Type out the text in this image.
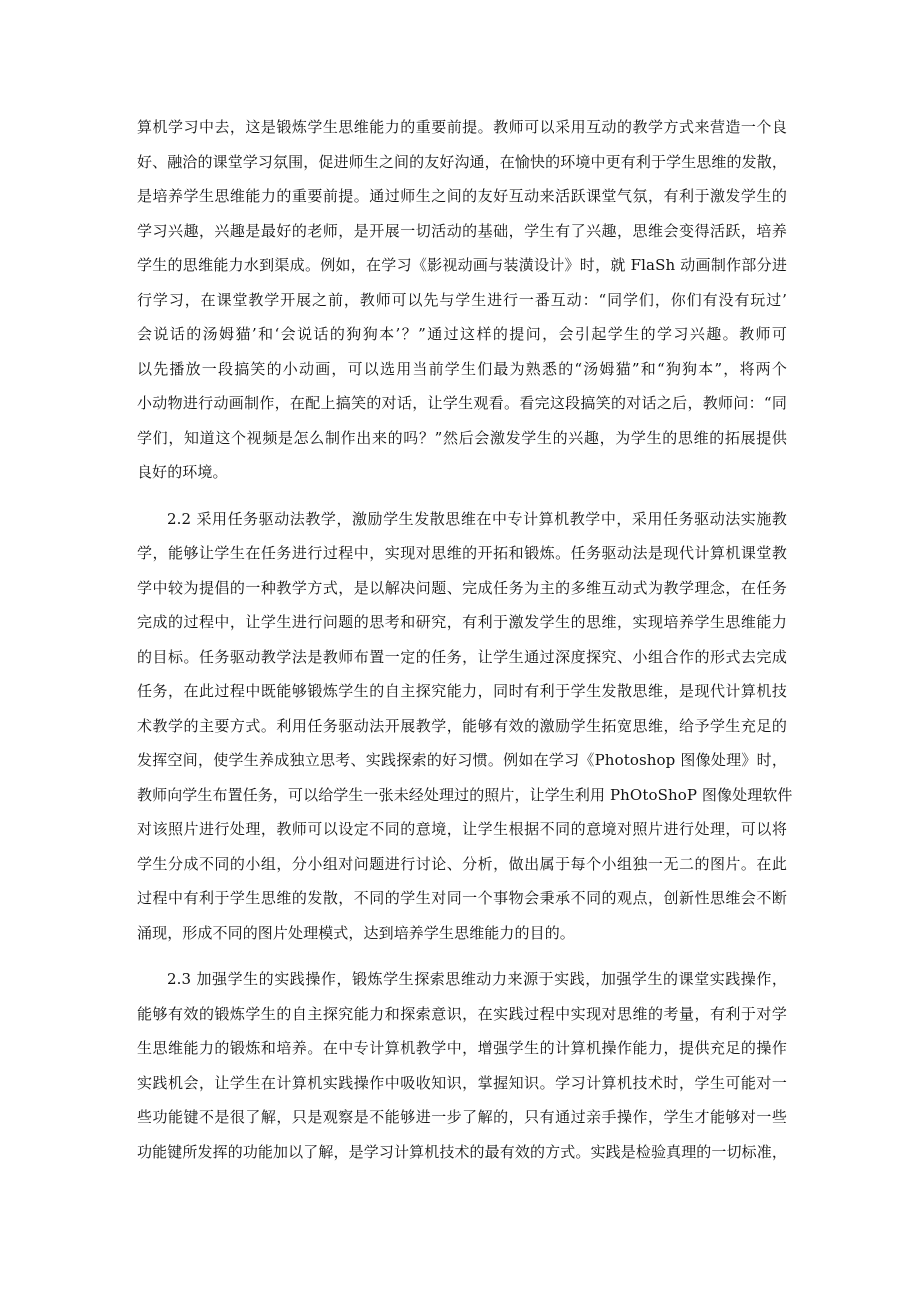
算机学习中去，这是锻炼学生思维能力的重要前提。教师可以采用互动的教学方式来营造一个良
好、融洽的课堂学习氛围，促进师生之间的友好沟通，在愉快的环境中更有利于学生思维的发散，
是培养学生思维能力的重要前提。通过师生之间的友好互动来活跃课堂气氛，有利于激发学生的
学习兴趣，兴趣是最好的老师，是开展一切活动的基础，学生有了兴趣，思维会变得活跃，培养
学生的思维能力水到渠成。例如，在学习《影视动画与装潢设计》时，就 FlaSh 动画制作部分进
行学习，在课堂教学开展之前，教师可以先与学生进行一番互动：“同学们，你们有没有玩过’
会说话的汤姆猫’和‘会说话的狗狗本’？”通过这样的提问，会引起学生的学习兴趣。教师可
以先播放一段搞笑的小动画，可以选用当前学生们最为熟悉的“汤姆猫”和“狗狗本”，将两个
小动物进行动画制作，在配上搞笑的对话，让学生观看。看完这段搞笑的对话之后，教师问：“同
学们，知道这个视频是怎么制作出来的吗？”然后会激发学生的兴趣，为学生的思维的拓展提供
良好的环境。
2.2 采用任务驱动法教学，激励学生发散思维在中专计算机教学中，采用任务驱动法实施教
学，能够让学生在任务进行过程中，实现对思维的开拓和锻炼。任务驱动法是现代计算机课堂教
学中较为提倡的一种教学方式，是以解决问题、完成任务为主的多维互动式为教学理念，在任务
完成的过程中，让学生进行问题的思考和研究，有利于激发学生的思维，实现培养学生思维能力
的目标。任务驱动教学法是教师布置一定的任务，让学生通过深度探究、小组合作的形式去完成
任务，在此过程中既能够锻炼学生的自主探究能力，同时有利于学生发散思维，是现代计算机技
术教学的主要方式。利用任务驱动法开展教学，能够有效的激励学生拓宽思维，给予学生充足的
发挥空间，使学生养成独立思考、实践探索的好习惯。例如在学习《Photoshop 图像处理》时，
教师向学生布置任务，可以给学生一张未经处理过的照片，让学生利用 PhOtoShoP 图像处理软件
对该照片进行处理，教师可以设定不同的意境，让学生根据不同的意境对照片进行处理，可以将
学生分成不同的小组，分小组对问题进行讨论、分析，做出属于每个小组独一无二的图片。在此
过程中有利于学生思维的发散，不同的学生对同一个事物会秉承不同的观点，创新性思维会不断
涌现，形成不同的图片处理模式，达到培养学生思维能力的目的。
2.3 加强学生的实践操作，锻炼学生探索思维动力来源于实践，加强学生的课堂实践操作，
能够有效的锻炼学生的自主探究能力和探索意识，在实践过程中实现对思维的考量，有利于对学
生思维能力的锻炼和培养。在中专计算机教学中，增强学生的计算机操作能力，提供充足的操作
实践机会，让学生在计算机实践操作中吸收知识，掌握知识。学习计算机技术时，学生可能对一
些功能键不是很了解，只是观察是不能够进一步了解的，只有通过亲手操作，学生才能够对一些
功能键所发挥的功能加以了解，是学习计算机技术的最有效的方式。实践是检验真理的一切标准，
